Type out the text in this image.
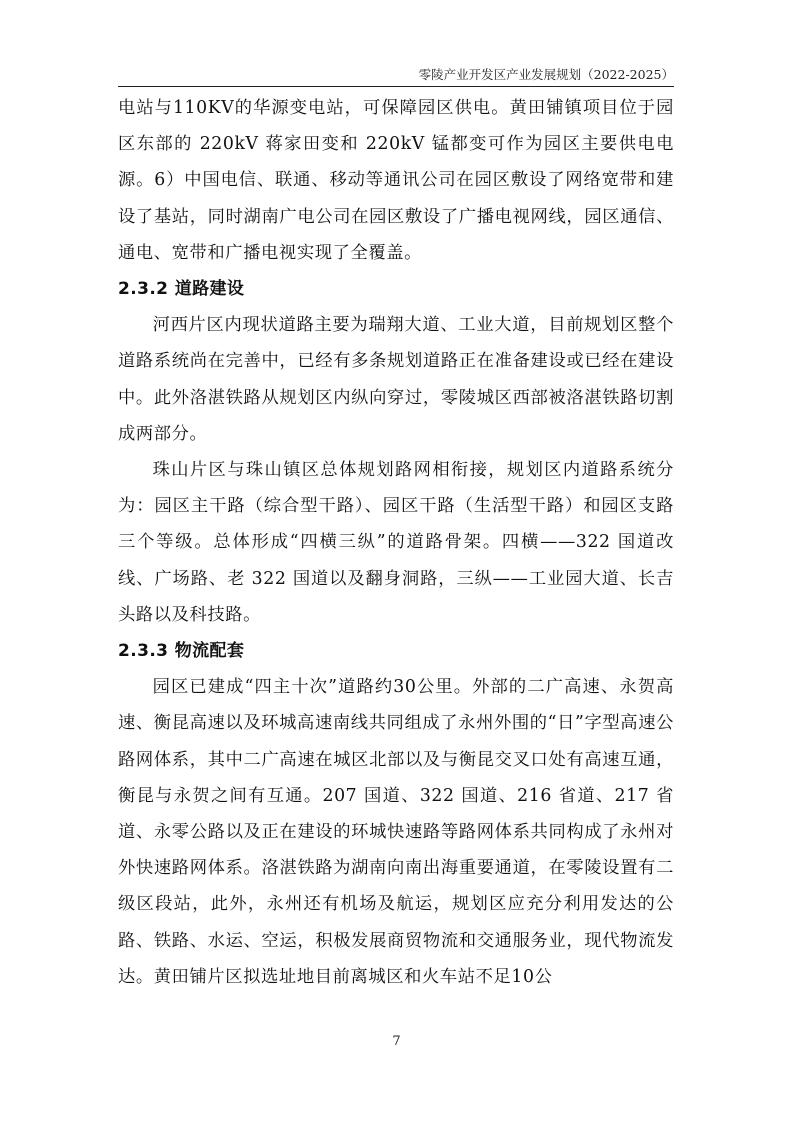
零陵产业开发区产业发展规划（2022-2025）

电站与110KV的华源变电站，可保障园区供电。黄田铺镇项目位于园区东部的 220kV 蒋家田变和 220kV 锰都变可作为园区主要供电电源。6）中国电信、联通、移动等通讯公司在园区敷设了网络宽带和建设了基站，同时湖南广电公司在园区敷设了广播电视网线，园区通信、通电、宽带和广播电视实现了全覆盖。

2.3.2 道路建设

河西片区内现状道路主要为瑞翔大道、工业大道，目前规划区整个道路系统尚在完善中，已经有多条规划道路正在准备建设或已经在建设中。此外洛湛铁路从规划区内纵向穿过，零陵城区西部被洛湛铁路切割成两部分。

珠山片区与珠山镇区总体规划路网相衔接，规划区内道路系统分为：园区主干路（综合型干路）、园区干路（生活型干路）和园区支路三个等级。总体形成“四横三纵”的道路骨架。四横——322 国道改线、广场路、老 322 国道以及翻身洞路，三纵——工业园大道、长吉头路以及科技路。

2.3.3 物流配套

园区已建成“四主十次”道路约30公里。外部的二广高速、永贺高速、衡昆高速以及环城高速南线共同组成了永州外围的“日”字型高速公路网体系，其中二广高速在城区北部以及与衡昆交叉口处有高速互通，衡昆与永贺之间有互通。207 国道、322 国道、216 省道、217 省道、永零公路以及正在建设的环城快速路等路网体系共同构成了永州对外快速路网体系。洛湛铁路为湖南向南出海重要通道，在零陵设置有二级区段站，此外，永州还有机场及航运，规划区应充分利用发达的公路、铁路、水运、空运，积极发展商贸物流和交通服务业，现代物流发达。黄田铺片区拟选址地目前离城区和火车站不足10公

7
